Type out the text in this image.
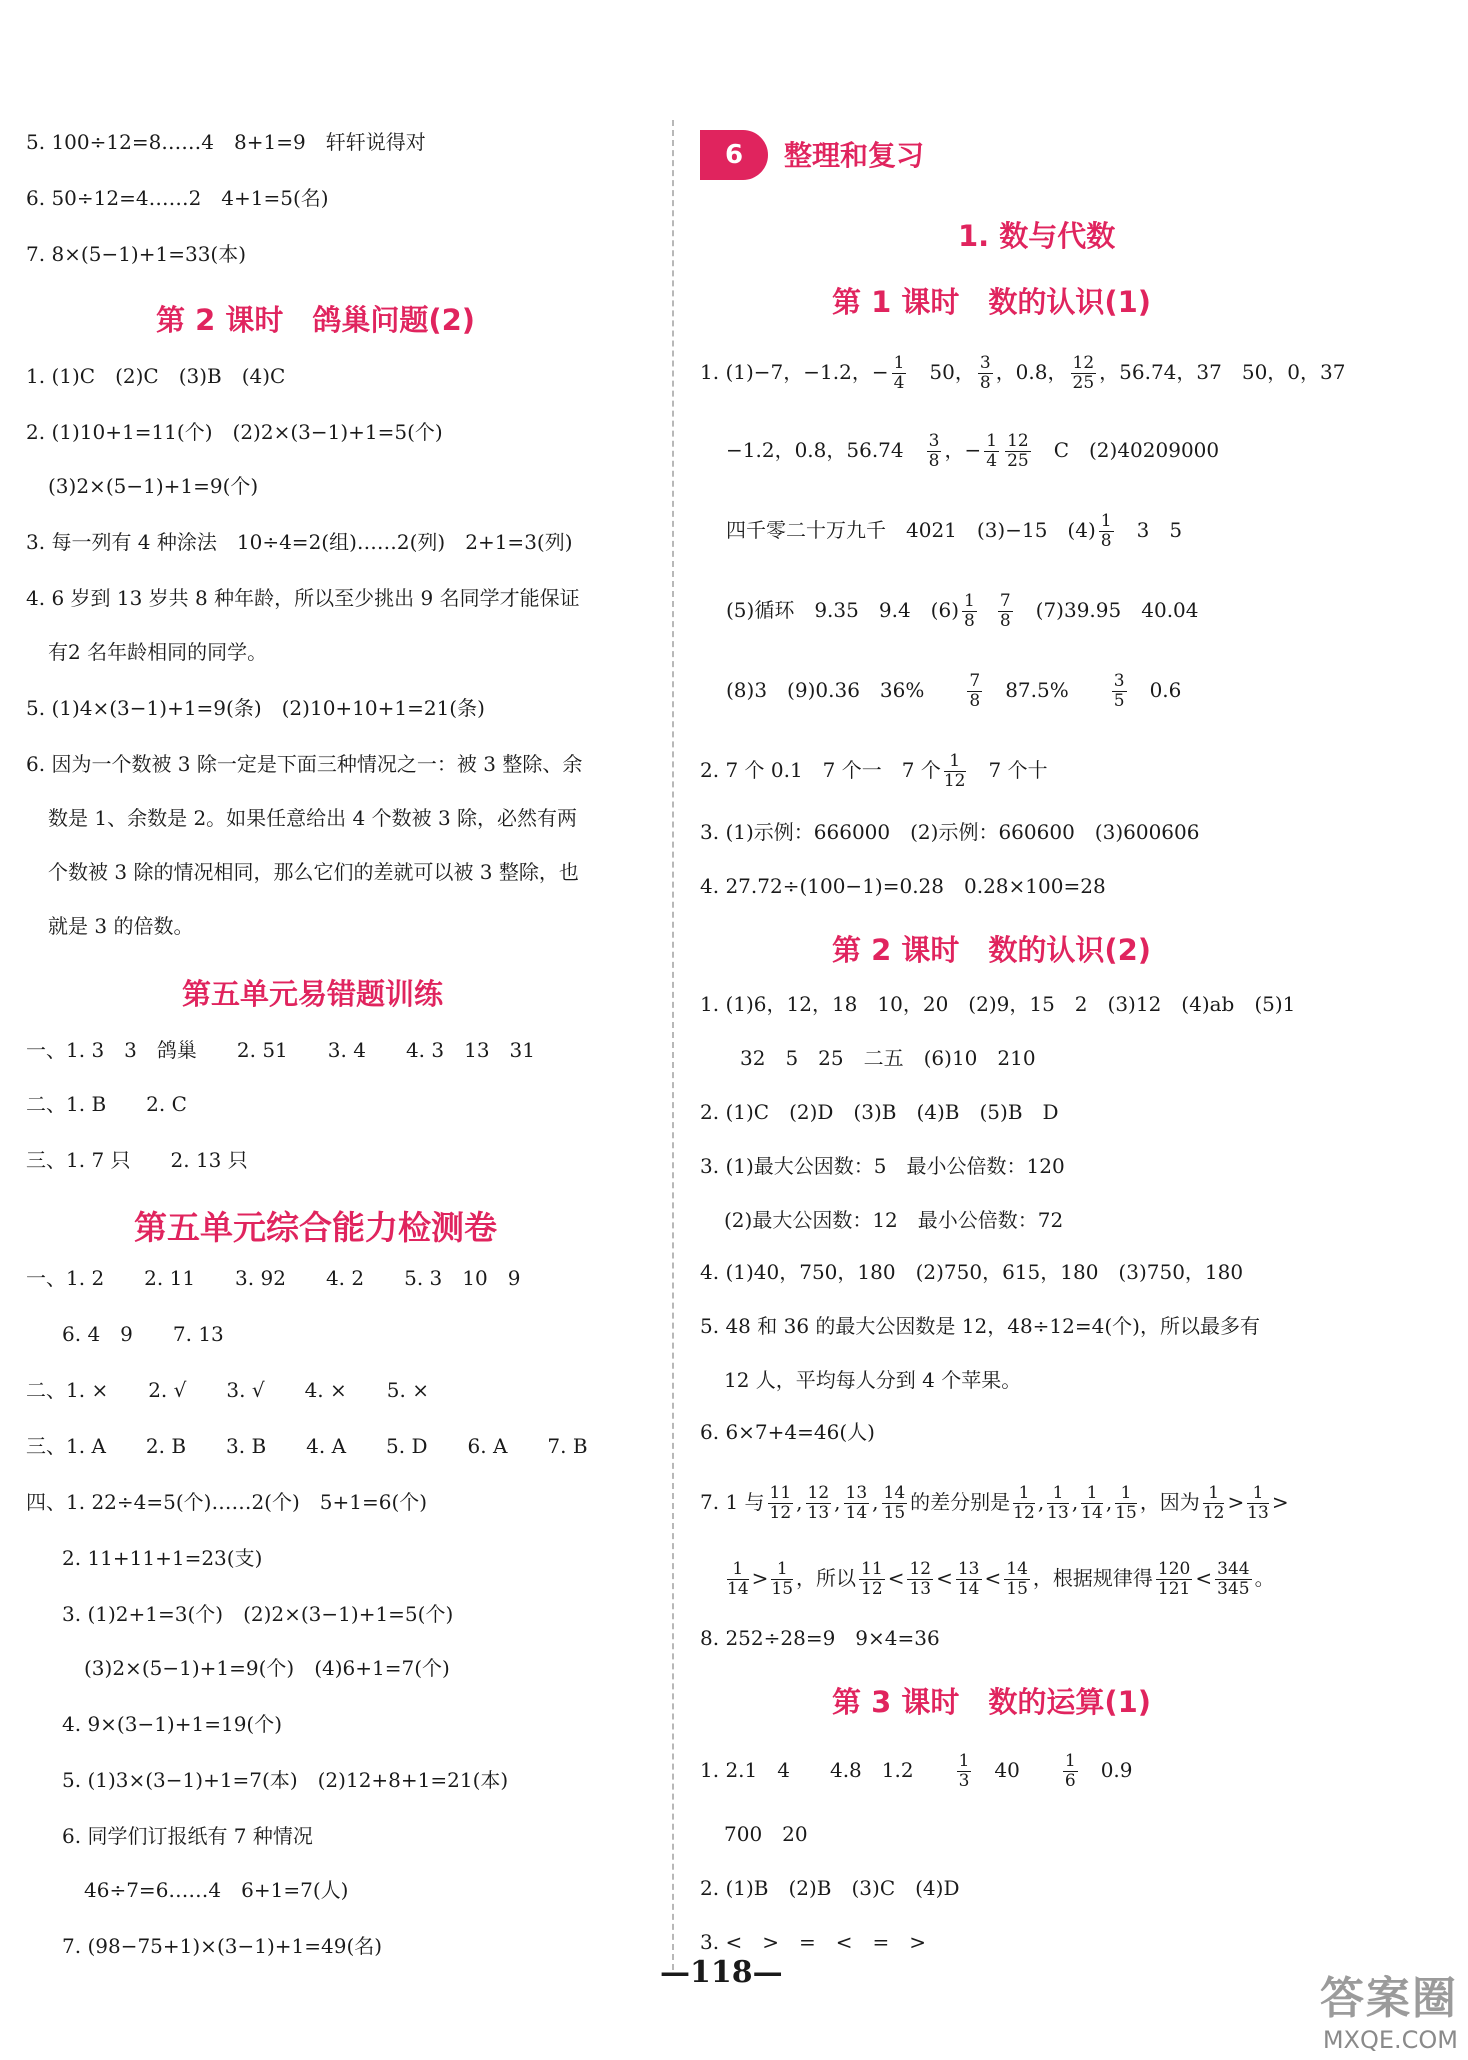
5. 100÷12=8……4　8+1=9　轩轩说得对
6. 50÷12=4……2　4+1=5(名)
7. 8×(5−1)+1=33(本)
第 2 课时　鸽巢问题(2)
1. (1)C　(2)C　(3)B　(4)C
2. (1)10+1=11(个)　(2)2×(3−1)+1=5(个)
(3)2×(5−1)+1=9(个)
3. 每一列有 4 种涂法　10÷4=2(组)……2(列)　2+1=3(列)
4. 6 岁到 13 岁共 8 种年龄，所以至少挑出 9 名同学才能保证
有2 名年龄相同的同学。
5. (1)4×(3−1)+1=9(条)　(2)10+10+1=21(条)
6. 因为一个数被 3 除一定是下面三种情况之一：被 3 整除、余
数是 1、余数是 2。如果任意给出 4 个数被 3 除，必然有两
个数被 3 除的情况相同，那么它们的差就可以被 3 整除，也
就是 3 的倍数。
第五单元易错题训练
一、1. 3　3　鸽巢　　2. 51　　3. 4　　4. 3　13　31
二、1. B　　2. C
三、1. 7 只　　2. 13 只
第五单元综合能力检测卷
一、1. 2　　2. 11　　3. 92　　4. 2　　5. 3　10　9
6. 4　9　　7. 13
二、1. ×　　2. √　　3. √　　4. ×　　5. ×
三、1. A　　2. B　　3. B　　4. A　　5. D　　6. A　　7. B
四、1. 22÷4=5(个)……2(个)　5+1=6(个)
2. 11+11+1=23(支)
3. (1)2+1=3(个)　(2)2×(3−1)+1=5(个)
(3)2×(5−1)+1=9(个)　(4)6+1=7(个)
4. 9×(3−1)+1=19(个)
5. (1)3×(3−1)+1=7(本)　(2)12+8+1=21(本)
6. 同学们订报纸有 7 种情况
46÷7=6……4　6+1=7(人)
7. (98−75+1)×(3−1)+1=49(名)
6	整理和复习
1. 数与代数
第 1 课时　数的认识(1)
1. (1)−7，−1.2，− $\frac{1}{4}$ 　50， $\frac{3}{8}$ ，0.8， $\frac{12}{25}$ ，56.74，37　50，0，37
−1.2，0.8，56.74　 $\frac{3}{8}$ ，− $\frac{1}{4} \frac{12}{25}$ 　C　(2)40209000
四千零二十万九千　4021　(3)−15　$(4) \frac{1}{8}$ 　3　5
(5)循环　9.35　9.4　$(6) \frac{1}{8} \frac{7}{8}$ 　(7)39.95　40.04
(8)3　(9)0.36　36%　　 $\frac{7}{8}$ 　87.5%　　 $\frac{3}{5}$ 　0.6
2. 7 个 0.1　7 个一　7 个 $\frac{1}{12}$ 　7 个十
3. (1)示例：666000　(2)示例：660600　(3)600606
4. 27.72÷(100−1)=0.28　0.28×100=28
第 2 课时　数的认识(2)
1. (1)6，12，18　10，20　(2)9，15　2　(3)12　(4)ab　(5)1
32　5　25　二五　(6)10　210
2. (1)C　(2)D　(3)B　(4)B　(5)B　D
3. (1)最大公因数：5　最小公倍数：120
(2)最大公因数：12　最小公倍数：72
4. (1)40，750，180　(2)750，615，180　(3)750，180
5. 48 和 36 的最大公因数是 12，48÷12=4(个)，所以最多有
12 人，平均每人分到 4 个苹果。
6. 6×7+4=46(人)
7. 1 与 $\frac{11}{12}$ , $\frac{12}{13}$ , $\frac{13}{14}$ , $\frac{14}{15}$ 的差分别是 $\frac{1}{12}$ , $\frac{1}{13}$ , $\frac{1}{14}$ , $\frac{1}{15}$ ，因为 $\frac{1}{12} > \frac{1}{13}$ >
$\frac{1}{14} > \frac{1}{15}$ ，所以 $\frac{11}{12} < \frac{12}{13} < \frac{13}{14} < \frac{14}{15}$ ，根据规律得 $\frac{120}{121} < \frac{344}{345}$ 。
8. 252÷28=9　9×4=36
第 3 课时　数的运算(1)
1. 2.1　4　　4.8　1.2　　 $\frac{1}{3}$ 　40　　 $\frac{1}{6}$ 　0.9
700　20
2. (1)B　(2)B　(3)C　(4)D
3. <　>　=　<　=　>
—118—
答案圈
MXQE.COM
